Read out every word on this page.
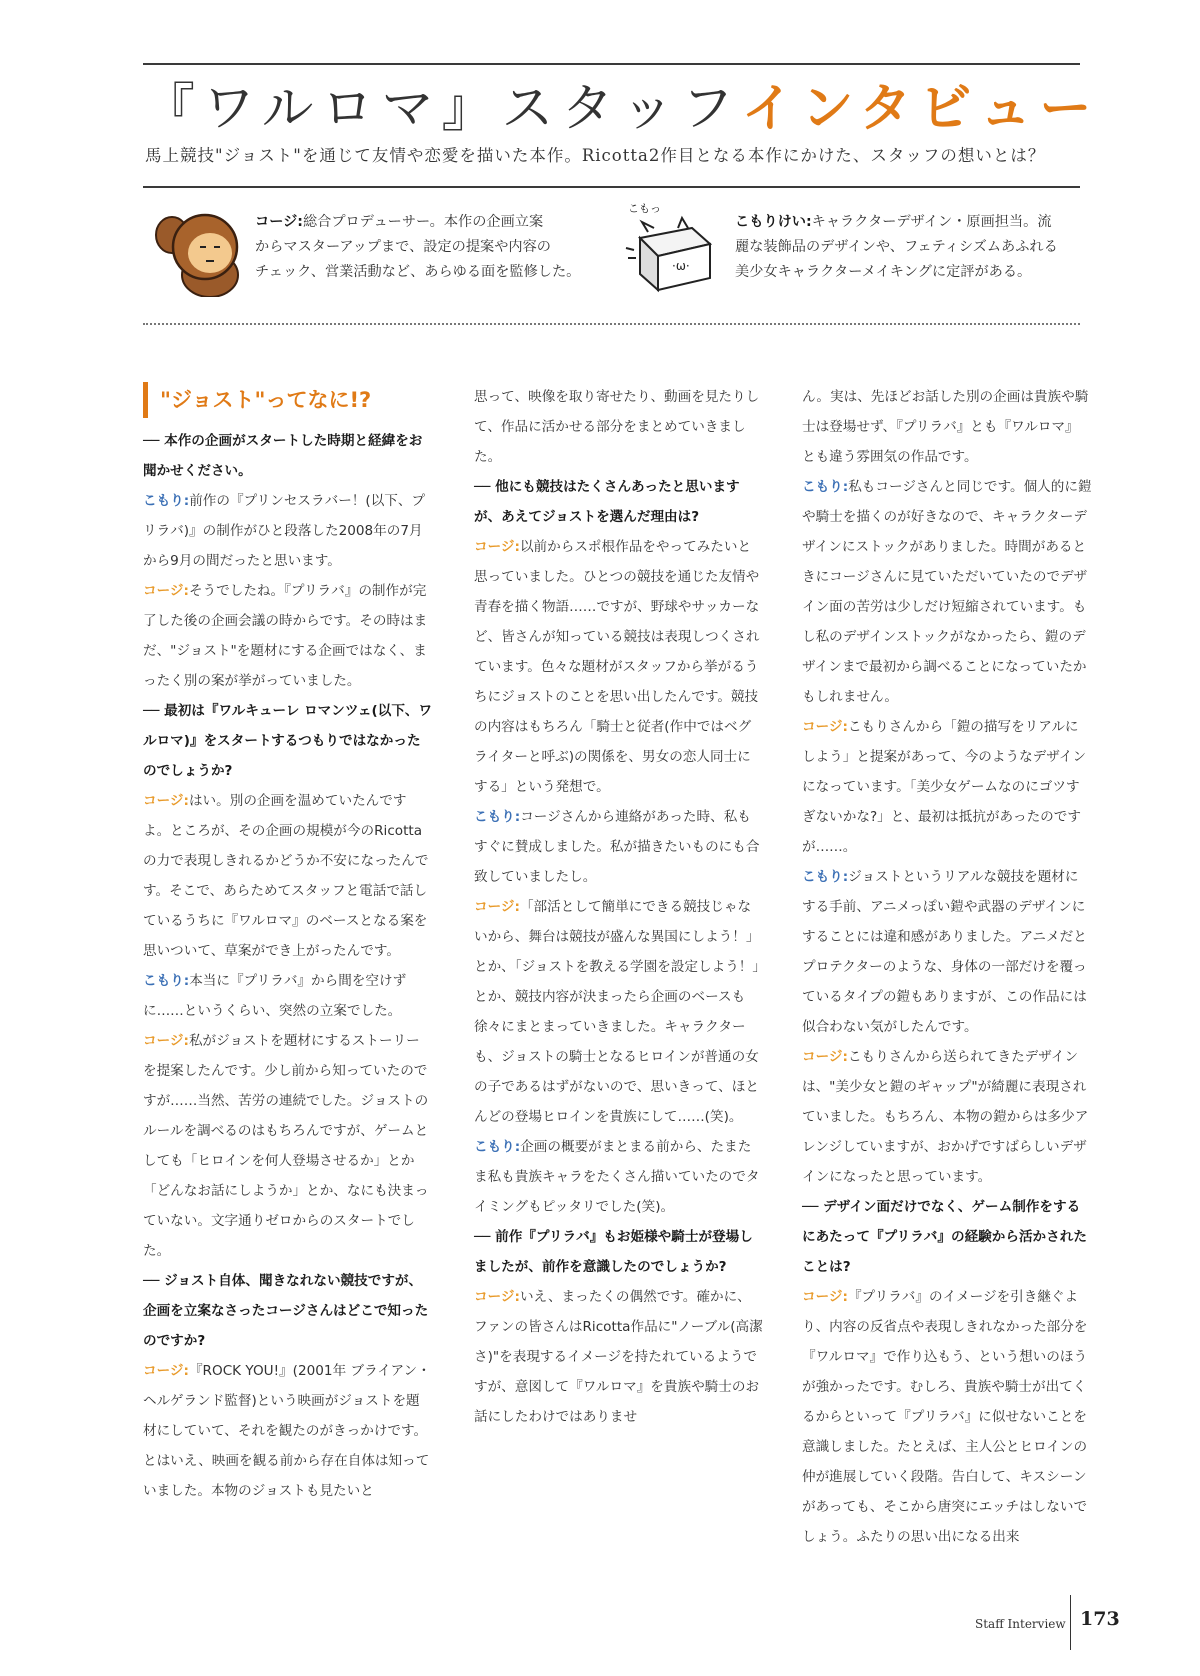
『ワルロマ』スタッフインタビュー
馬上競技"ジョスト"を通じて友情や恋愛を描いた本作。Ricotta2作目となる本作にかけた、スタッフの想いとは？
コージ:総合プロデューサー。本作の企画立案
からマスターアップまで、設定の提案や内容の
チェック、営業活動など、あらゆる面を監修した。
こもっ
·ω·
こもりけい:キャラクターデザイン・原画担当。流
麗な装飾品のデザインや、フェティシズムあふれる
美少女キャラクターメイキングに定評がある。
"ジョスト"ってなに!?

── 本作の企画がスタートした時期と経緯をお聞かせください。

こもり:前作の『プリンセスラバー！(以下、プリラバ)』の制作がひと段落した2008年の7月から9月の間だったと思います。

コージ:そうでしたね。『プリラバ』の制作が完了した後の企画会議の時からです。その時はまだ、"ジョスト"を題材にする企画ではなく、まったく別の案が挙がっていました。

── 最初は『ワルキューレ ロマンツェ(以下、ワルロマ)』をスタートするつもりではなかったのでしょうか?

コージ:はい。別の企画を温めていたんですよ。ところが、その企画の規模が今のRicottaの力で表現しきれるかどうか不安になったんです。そこで、あらためてスタッフと電話で話しているうちに『ワルロマ』のベースとなる案を思いついて、草案ができ上がったんです。

こもり:本当に『プリラバ』から間を空けずに……というくらい、突然の立案でした。

コージ:私がジョストを題材にするストーリーを提案したんです。少し前から知っていたのですが……当然、苦労の連続でした。ジョストのルールを調べるのはもちろんですが、ゲームとしても「ヒロインを何人登場させるか」とか「どんなお話にしようか」とか、なにも決まっていない。文字通りゼロからのスタートでした。

── ジョスト自体、聞きなれない競技ですが、企画を立案なさったコージさんはどこで知ったのですか?

コージ:『ROCK YOU!』(2001年 ブライアン・ヘルゲランド監督)という映画がジョストを題材にしていて、それを観たのがきっかけです。とはいえ、映画を観る前から存在自体は知っていました。本物のジョストも見たいと

思って、映像を取り寄せたり、動画を見たりして、作品に活かせる部分をまとめていきました。

── 他にも競技はたくさんあったと思いますが、あえてジョストを選んだ理由は?

コージ:以前からスポ根作品をやってみたいと思っていました。ひとつの競技を通じた友情や青春を描く物語……ですが、野球やサッカーなど、皆さんが知っている競技は表現しつくされています。色々な題材がスタッフから挙がるうちにジョストのことを思い出したんです。競技の内容はもちろん「騎士と従者(作中ではベグライターと呼ぶ)の関係を、男女の恋人同士にする」という発想で。

こもり:コージさんから連絡があった時、私もすぐに賛成しました。私が描きたいものにも合致していましたし。

コージ:「部活として簡単にできる競技じゃないから、舞台は競技が盛んな異国にしよう！」とか、「ジョストを教える学園を設定しよう！」とか、競技内容が決まったら企画のベースも徐々にまとまっていきました。キャラクターも、ジョストの騎士となるヒロインが普通の女の子であるはずがないので、思いきって、ほとんどの登場ヒロインを貴族にして……(笑)。

こもり:企画の概要がまとまる前から、たまたま私も貴族キャラをたくさん描いていたのでタイミングもピッタリでした(笑)。

── 前作『プリラバ』もお姫様や騎士が登場しましたが、前作を意識したのでしょうか?

コージ:いえ、まったくの偶然です。確かに、ファンの皆さんはRicotta作品に"ノーブル(高潔さ)"を表現するイメージを持たれているようですが、意図して『ワルロマ』を貴族や騎士のお話にしたわけではありませ

ん。実は、先ほどお話した別の企画は貴族や騎士は登場せず、『プリラバ』とも『ワルロマ』とも違う雰囲気の作品です。

こもり:私もコージさんと同じです。個人的に鎧や騎士を描くのが好きなので、キャラクターデザインにストックがありました。時間があるときにコージさんに見ていただいていたのでデザイン面の苦労は少しだけ短縮されています。もし私のデザインストックがなかったら、鎧のデザインまで最初から調べることになっていたかもしれません。

コージ:こもりさんから「鎧の描写をリアルにしよう」と提案があって、今のようなデザインになっています。「美少女ゲームなのにゴツすぎないかな?」と、最初は抵抗があったのですが……。

こもり:ジョストというリアルな競技を題材にする手前、アニメっぽい鎧や武器のデザインにすることには違和感がありました。アニメだとプロテクターのような、身体の一部だけを覆っているタイプの鎧もありますが、この作品には似合わない気がしたんです。

コージ:こもりさんから送られてきたデザインは、"美少女と鎧のギャップ"が綺麗に表現されていました。もちろん、本物の鎧からは多少アレンジしていますが、おかげですばらしいデザインになったと思っています。

── デザイン面だけでなく、ゲーム制作をするにあたって『プリラバ』の経験から活かされたことは?

コージ:『プリラバ』のイメージを引き継ぐより、内容の反省点や表現しきれなかった部分を『ワルロマ』で作り込もう、という想いのほうが強かったです。むしろ、貴族や騎士が出てくるからといって『プリラバ』に似せないことを意識しました。たとえば、主人公とヒロインの仲が進展していく段階。告白して、キスシーンがあっても、そこから唐突にエッチはしないでしょう。ふたりの思い出になる出来

Staff Interview 173
